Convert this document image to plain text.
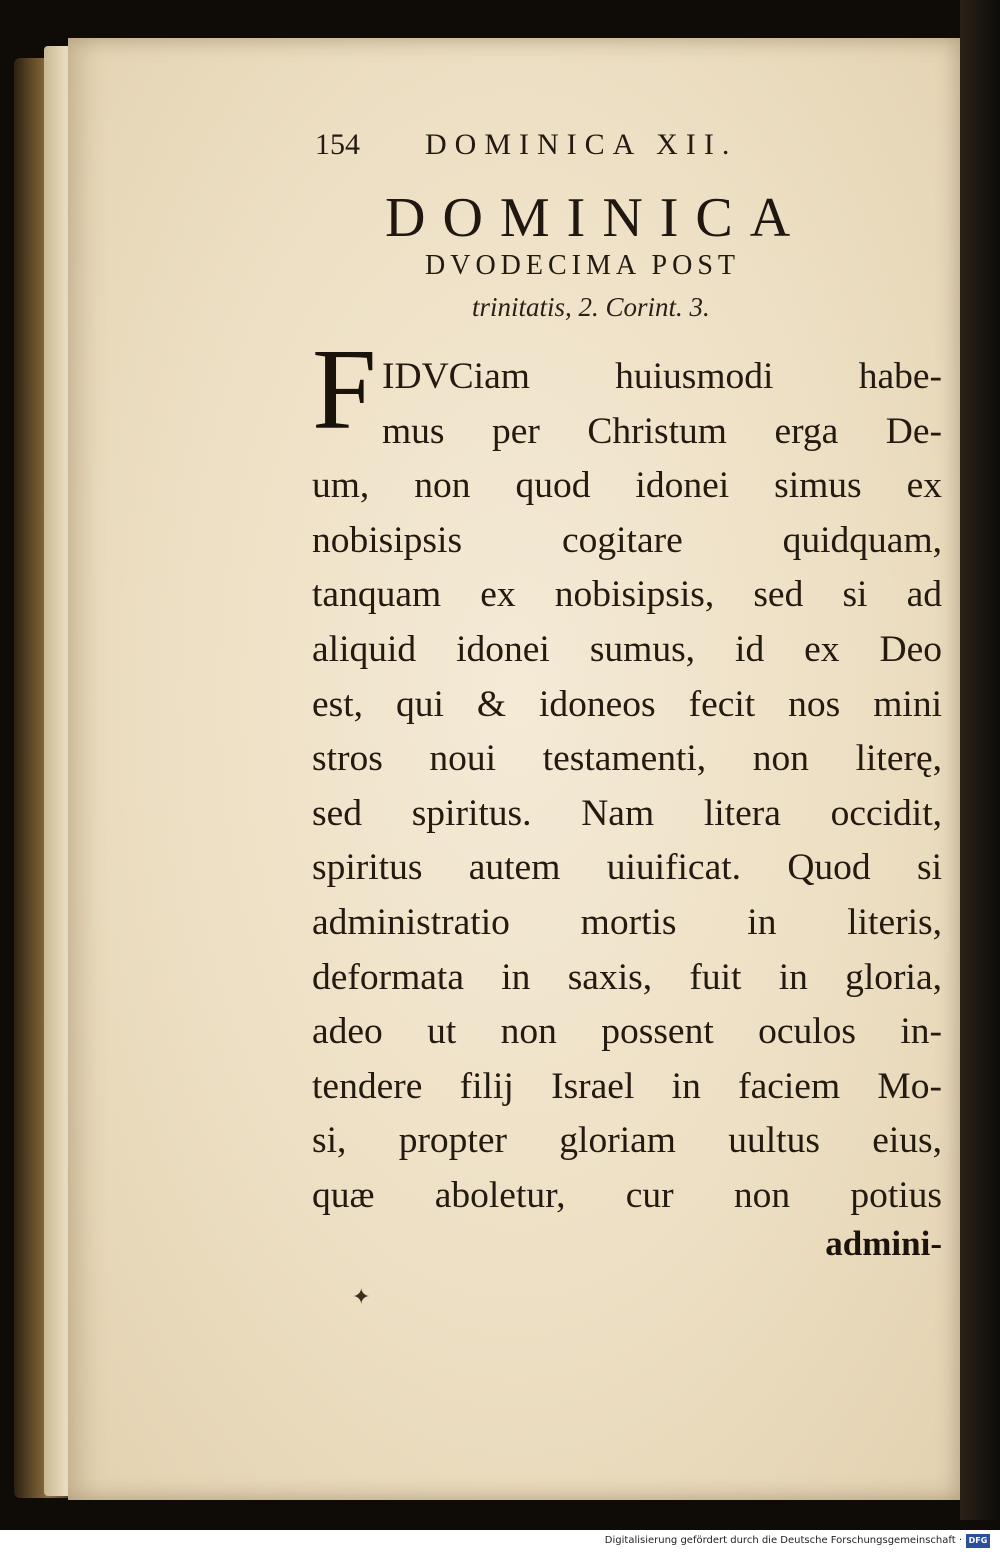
154 DOMINICA XII.
DOMINICA
DVODECIMA POST
trinitatis, 2. Corint. 3.
F IDVCiam huiusmodi habe-
mus per Christum erga De-
um, non quod idonei simus ex
nobisipsis cogitare quidquam,
tanquam ex nobisipsis, sed si ad
aliquid idonei sumus, id ex Deo
est, qui & idoneos fecit nos mini
stros noui testamenti, non literę,
sed spiritus. Nam litera occidit,
spiritus autem uiuificat. Quod si
administratio mortis in literis,
deformata in saxis, fuit in gloria,
adeo ut non possent oculos in-
tendere filij Israel in faciem Mo-
si, propter gloriam uultus eius,
quæ aboletur, cur non potius
admini-
✦
Digitalisierung gefördert durch die Deutsche Forschungsgemeinschaft · DFG
